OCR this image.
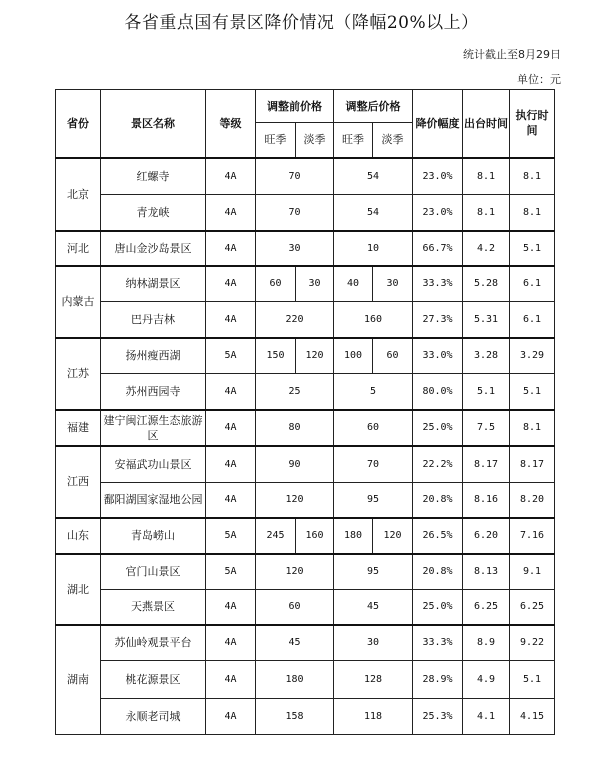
各省重点国有景区降价情况（降幅20%以上）
统计截止至8月29日
单位：元
省份	景区名称	等级	调整前价格		调整后价格		降价幅度	出台时间	执行时间
			旺季	淡季	旺季	淡季			
北京	红螺寺	4A	70		54		23.0%	8.1	8.1
	青龙峡	4A	70		54		23.0%	8.1	8.1
河北	唐山金沙岛景区	4A	30		10		66.7%	4.2	5.1
内蒙古	纳林湖景区	4A	60	30	40	30	33.3%	5.28	6.1
	巴丹吉林	4A	220		160		27.3%	5.31	6.1
江苏	扬州瘦西湖	5A	150	120	100	60	33.0%	3.28	3.29
	苏州西园寺	4A	25		5		80.0%	5.1	5.1
福建	建宁闽江源生态旅游区	4A	80		60		25.0%	7.5	8.1
江西	安福武功山景区	4A	90		70		22.2%	8.17	8.17
	鄱阳湖国家湿地公园	4A	120		95		20.8%	8.16	8.20
山东	青岛崂山	5A	245	160	180	120	26.5%	6.20	7.16
湖北	官门山景区	5A	120		95		20.8%	8.13	9.1
	天燕景区	4A	60		45		25.0%	6.25	6.25
湖南	苏仙岭观景平台	4A	45		30		33.3%	8.9	9.22
	桃花源景区	4A	180		128		28.9%	4.9	5.1
	永顺老司城	4A	158		118		25.3%	4.1	4.15
